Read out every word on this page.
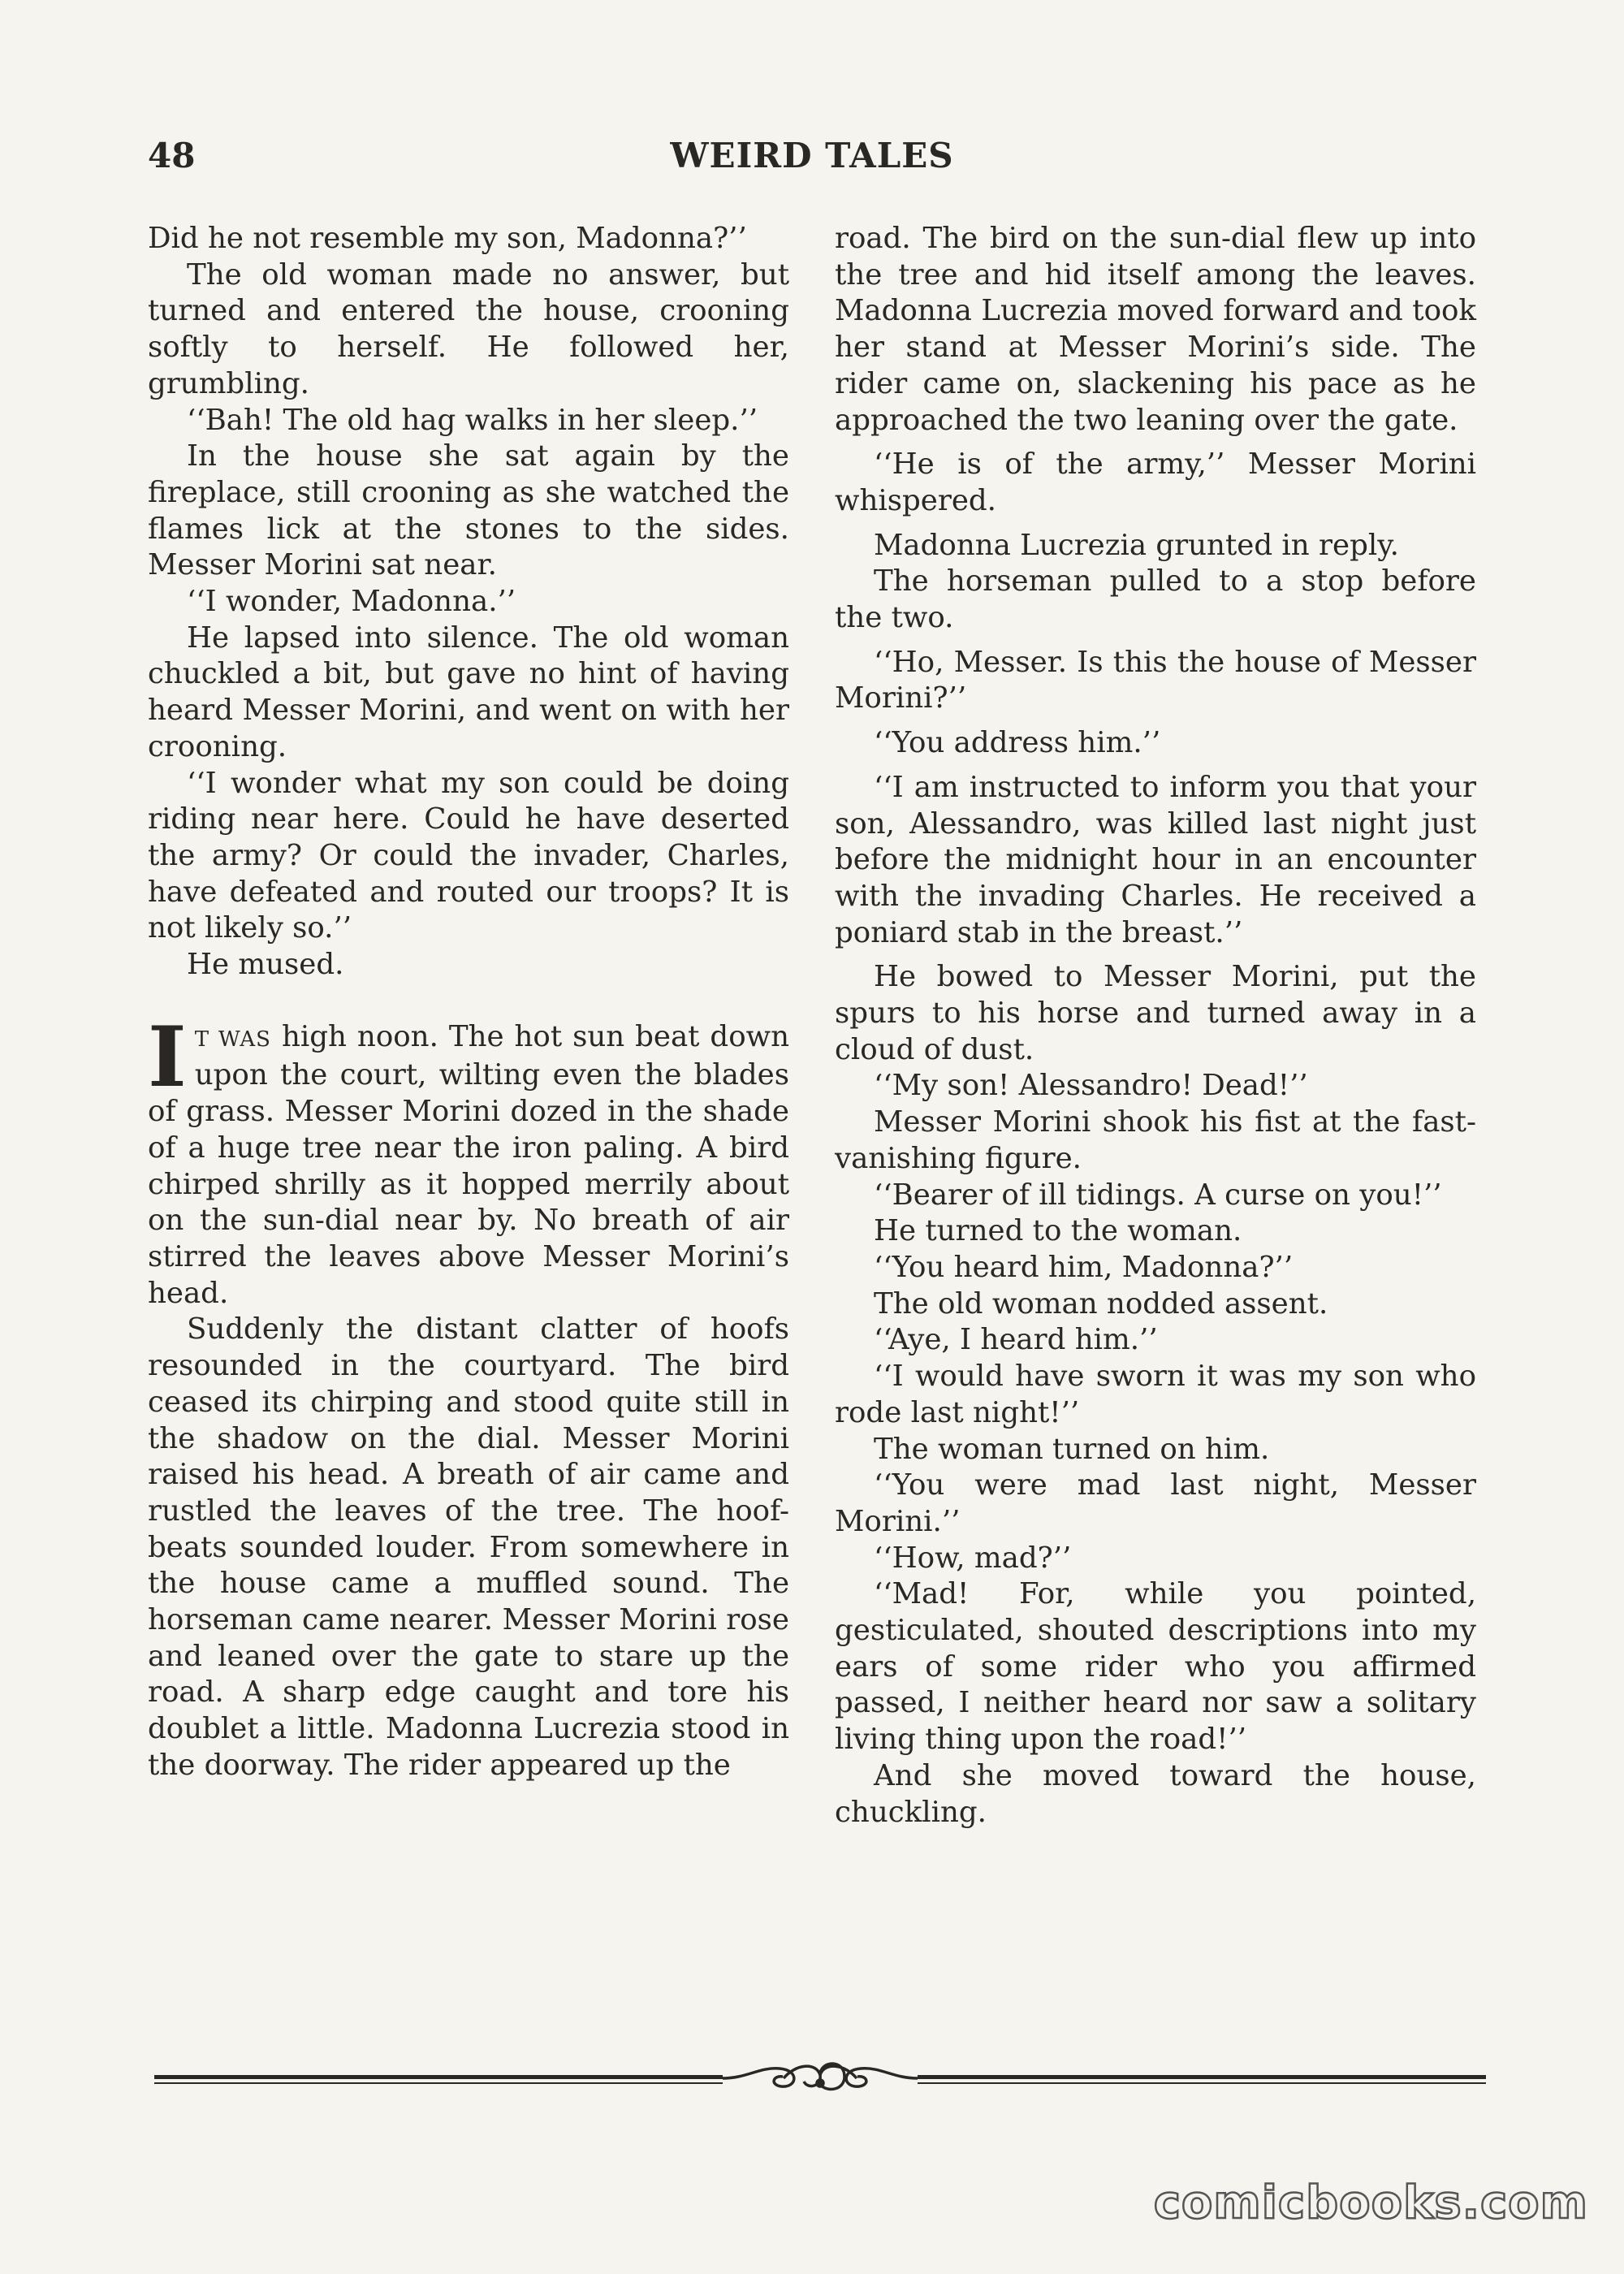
48	WEIRD TALES

Did he not resemble my son, Madonna?’’

The old woman made no answer, but turned and entered the house, crooning softly to herself. He followed her, grumbling.

‘‘Bah! The old hag walks in her sleep.’’

In the house she sat again by the fireplace, still crooning as she watched the flames lick at the stones to the sides. Messer Morini sat near.

‘‘I wonder, Madonna.’’

He lapsed into silence. The old woman chuckled a bit, but gave no hint of having heard Messer Morini, and went on with her crooning.

‘‘I wonder what my son could be doing riding near here. Could he have deserted the army? Or could the invader, Charles, have defeated and routed our troops? It is not likely so.’’

He mused.

I T WAS high noon. The hot sun beat down upon the court, wilting even the blades of grass. Messer Morini dozed in the shade of a huge tree near the iron paling. A bird chirped shrilly as it hopped merrily about on the sun-dial near by. No breath of air stirred the leaves above Messer Morini’s head.

Suddenly the distant clatter of hoofs resounded in the courtyard. The bird ceased its chirping and stood quite still in the shadow on the dial. Messer Morini raised his head. A breath of air came and rustled the leaves of the tree. The hoof-beats sounded louder. From somewhere in the house came a muffled sound. The horseman came nearer. Messer Morini rose and leaned over the gate to stare up the road. A sharp edge caught and tore his doublet a little. Madonna Lucrezia stood in the doorway. The rider appeared up the

road. The bird on the sun-dial flew up into the tree and hid itself among the leaves. Madonna Lucrezia moved forward and took her stand at Messer Morini’s side. The rider came on, slackening his pace as he approached the two leaning over the gate.

‘‘He is of the army,’’ Messer Morini whispered.

Madonna Lucrezia grunted in reply.

The horseman pulled to a stop before the two.

‘‘Ho, Messer. Is this the house of Messer Morini?’’

‘‘You address him.’’

‘‘I am instructed to inform you that your son, Alessandro, was killed last night just before the midnight hour in an encounter with the invading Charles. He received a poniard stab in the breast.’’

He bowed to Messer Morini, put the spurs to his horse and turned away in a cloud of dust.

‘‘My son! Alessandro! Dead!’’

Messer Morini shook his fist at the fast-vanishing figure.

‘‘Bearer of ill tidings. A curse on you!’’

He turned to the woman.

‘‘You heard him, Madonna?’’

The old woman nodded assent.

‘‘Aye, I heard him.’’

‘‘I would have sworn it was my son who rode last night!’’

The woman turned on him.

‘‘You were mad last night, Messer Morini.’’

‘‘How, mad?’’

‘‘Mad! For, while you pointed, gesticulated, shouted descriptions into my ears of some rider who you affirmed passed, I neither heard nor saw a solitary living thing upon the road!’’

And she moved toward the house, chuckling.

comicbooks.com
